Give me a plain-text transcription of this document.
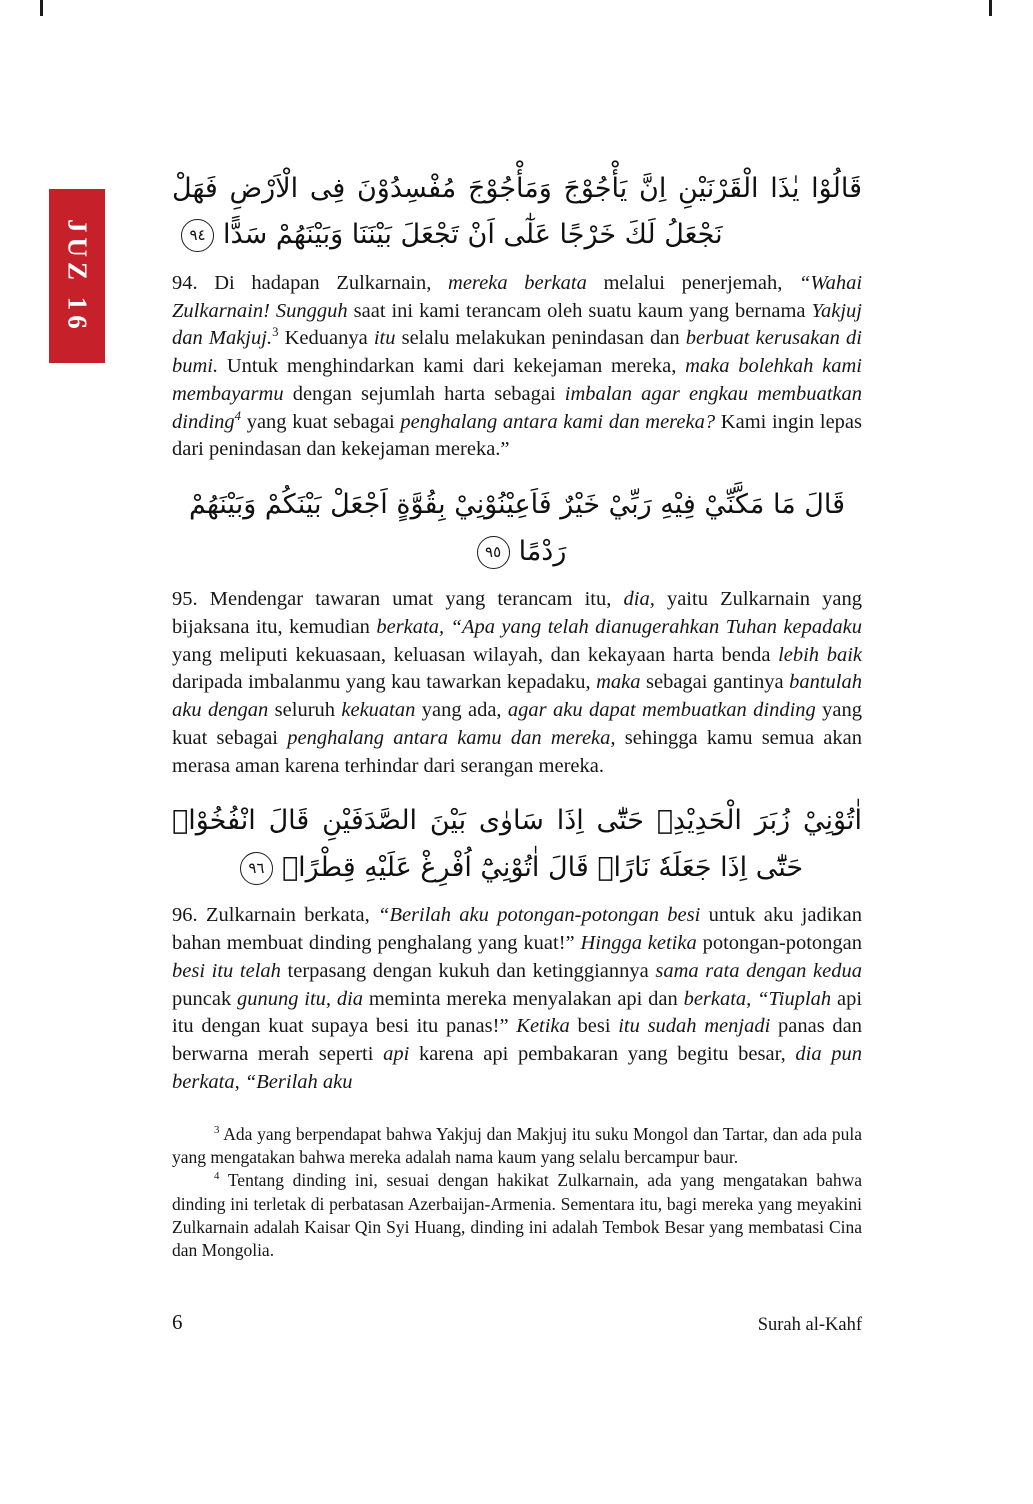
JUZ 16
قَالُوْا يٰذَا الْقَرْنَيْنِ اِنَّ يَأْجُوْجَ وَمَأْجُوْجَ مُفْسِدُوْنَ فِى الْاَرْضِ فَهَلْ نَجْعَلُ لَكَ خَرْجًا عَلٰٓى اَنْ تَجْعَلَ بَيْنَنَا وَبَيْنَهُمْ سَدًّا٩٤

94. Di hadapan Zulkarnain, mereka berkata melalui penerjemah, “Wahai Zulkarnain! Sungguh saat ini kami terancam oleh suatu kaum yang bernama Yakjuj dan Makjuj.$^3$ Keduanya itu selalu melakukan penindasan dan berbuat kerusakan di bumi. Untuk menghindarkan kami dari kekejaman mereka, maka bolehkah kami membayarmu dengan sejumlah harta sebagai imbalan agar engkau membuatkan dinding$^4$ yang kuat sebagai penghalang antara kami dan mereka? Kami ingin lepas dari penindasan dan kekejaman mereka.”

قَالَ مَا مَكَّنِّيْ فِيْهِ رَبِّيْ خَيْرٌ فَاَعِيْنُوْنِيْ بِقُوَّةٍ اَجْعَلْ بَيْنَكُمْ وَبَيْنَهُمْ رَدْمًا٩٥

95. Mendengar tawaran umat yang terancam itu, dia, yaitu Zulkarnain yang bijaksana itu, kemudian berkata, “Apa yang telah dianugerahkan Tuhan kepadaku yang meliputi kekuasaan, keluasan wilayah, dan kekayaan harta benda lebih baik daripada imbalanmu yang kau tawarkan kepadaku, maka sebagai gantinya bantulah aku dengan seluruh kekuatan yang ada, agar aku dapat membuatkan dinding yang kuat sebagai penghalang antara kamu dan mereka, sehingga kamu semua akan merasa aman karena terhindar dari serangan mereka.

اٰتُوْنِيْ زُبَرَ الْحَدِيْدِۗ حَتّٰٓى اِذَا سَاوٰى بَيْنَ الصَّدَفَيْنِ قَالَ انْفُخُوْاۗ حَتّٰٓى اِذَا جَعَلَهٗ نَارًاۙ قَالَ اٰتُوْنِيْٓ اُفْرِغْ عَلَيْهِ قِطْرًاۗ٩٦

96. Zulkarnain berkata, “Berilah aku potongan-potongan besi untuk aku jadikan bahan membuat dinding penghalang yang kuat!” Hingga ketika potongan-potongan besi itu telah terpasang dengan kukuh dan ketinggiannya sama rata dengan kedua puncak gunung itu, dia meminta mereka menyalakan api dan berkata, “Tiuplah api itu dengan kuat supaya besi itu panas!” Ketika besi itu sudah menjadi panas dan berwarna merah seperti api karena api pembakaran yang begitu besar, dia pun berkata, “Berilah aku

$^3$ Ada yang berpendapat bahwa Yakjuj dan Makjuj itu suku Mongol dan Tartar, dan ada pula yang mengatakan bahwa mereka adalah nama kaum yang selalu bercampur baur.

$^4$ Tentang dinding ini, sesuai dengan hakikat Zulkarnain, ada yang mengatakan bahwa dinding ini terletak di perbatasan Azerbaijan-Armenia. Sementara itu, bagi mereka yang meyakini Zulkarnain adalah Kaisar Qin Syi Huang, dinding ini adalah Tembok Besar yang membatasi Cina dan Mongolia.

6	Surah al-Kahf
